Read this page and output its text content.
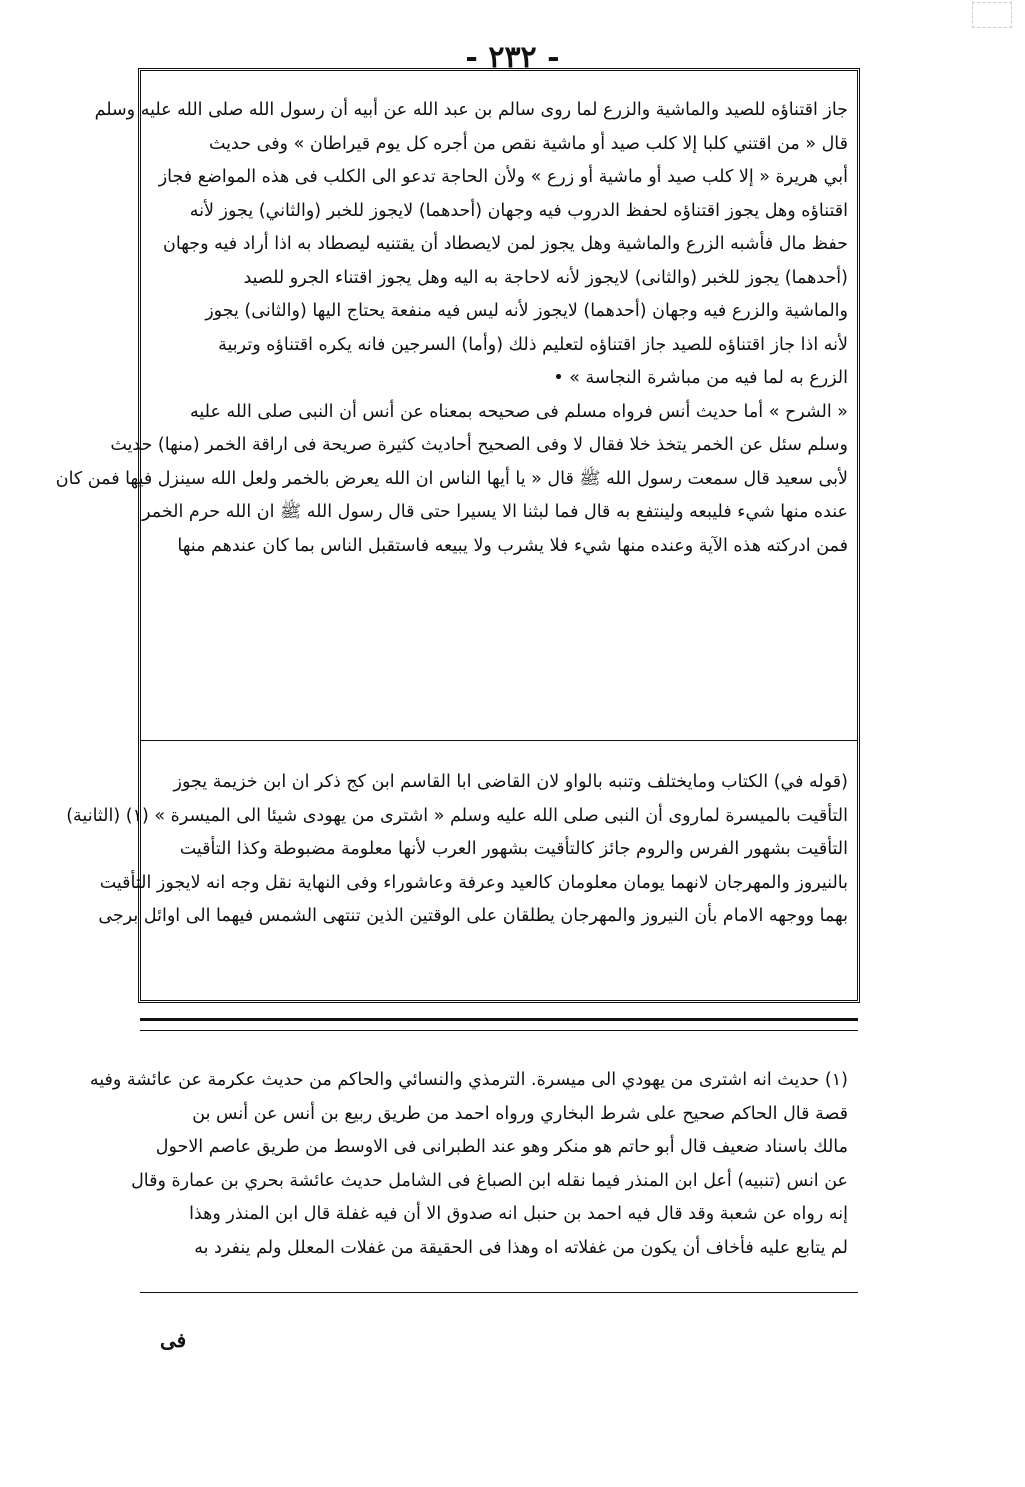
- ٢٣٢ -
جاز اقتناؤه للصيد والماشية والزرع لما روى سالم بن عبد الله عن أبيه أن رسول الله صلى الله عليه وسلم
قال « من اقتني كلبا إلا كلب صيد أو ماشية نقص من أجره كل يوم قيراطان » وفى حديث
أبي هريرة « إلا كلب صيد أو ماشية أو زرع » ولأن الحاجة تدعو الى الكلب فى هذه المواضع فجاز
اقتناؤه وهل يجوز اقتناؤه لحفظ الدروب فيه وجهان (أحدهما) لايجوز للخبر (والثاني) يجوز لأنه
حفظ مال فأشبه الزرع والماشية وهل يجوز لمن لايصطاد أن يقتنيه ليصطاد به اذا أراد فيه وجهان
(أحدهما) يجوز للخبر (والثانى) لايجوز لأنه لاحاجة به اليه وهل يجوز اقتناء الجرو للصيد
والماشية والزرع فيه وجهان (أحدهما) لايجوز لأنه ليس فيه منفعة يحتاج اليها (والثانى) يجوز
لأنه اذا جاز اقتناؤه للصيد جاز اقتناؤه لتعليم ذلك (وأما) السرجين فانه يكره اقتناؤه وتربية
الزرع به لما فيه من مباشرة النجاسة » •
« الشرح » أما حديث أنس فرواه مسلم فى صحيحه بمعناه عن أنس أن النبى صلى الله عليه
وسلم سئل عن الخمر يتخذ خلا فقال لا وفى الصحيح أحاديث كثيرة صريحة فى اراقة الخمر (منها) حديث
لأبى سعيد قال سمعت رسول الله ﷺ قال « يا أيها الناس ان الله يعرض بالخمر ولعل الله سينزل فيها فمن كان
عنده منها شيء فليبعه ولينتفع به قال فما لبثنا الا يسيرا حتى قال رسول الله ﷺ ان الله حرم الخمر
فمن ادركته هذه الآية وعنده منها شيء فلا يشرب ولا يبيعه فاستقبل الناس بما كان عندهم منها
(قوله في) الكتاب ومايختلف وتنبه بالواو لان القاضى ابا القاسم ابن كج ذكر ان ابن خزيمة يجوز
التأقيت بالميسرة لماروى أن النبى صلى الله عليه وسلم « اشترى من يهودى شيئا الى الميسرة » (١) (الثانية)
التأقيت بشهور الفرس والروم جائز كالتأقيت بشهور العرب لأنها معلومة مضبوطة وكذا التأقيت
بالنيروز والمهرجان لانهما يومان معلومان كالعيد وعرفة وعاشوراء وفى النهاية نقل وجه انه لايجوز التأقيت
بهما ووجهه الامام بأن النيروز والمهرجان يطلقان على الوقتين الذين تنتهى الشمس فيهما الى اوائل برجى
(١) حديث انه اشترى من يهودي الى ميسرة. الترمذي والنسائي والحاكم من حديث عكرمة عن عائشة وفيه
قصة قال الحاكم صحيح على شرط البخاري ورواه احمد من طريق ربيع بن أنس عن أنس بن
مالك باسناد ضعيف قال أبو حاتم هو منكر وهو عند الطبرانى فى الاوسط من طريق عاصم الاحول
عن انس (تنبيه) أعل ابن المنذر فيما نقله ابن الصباغ فى الشامل حديث عائشة بحري بن عمارة وقال
إنه رواه عن شعبة وقد قال فيه احمد بن حنبل انه صدوق الا أن فيه غفلة قال ابن المنذر وهذا
لم يتابع عليه فأخاف أن يكون من غفلاته اه وهذا فى الحقيقة من غفلات المعلل ولم ينفرد به
فى
